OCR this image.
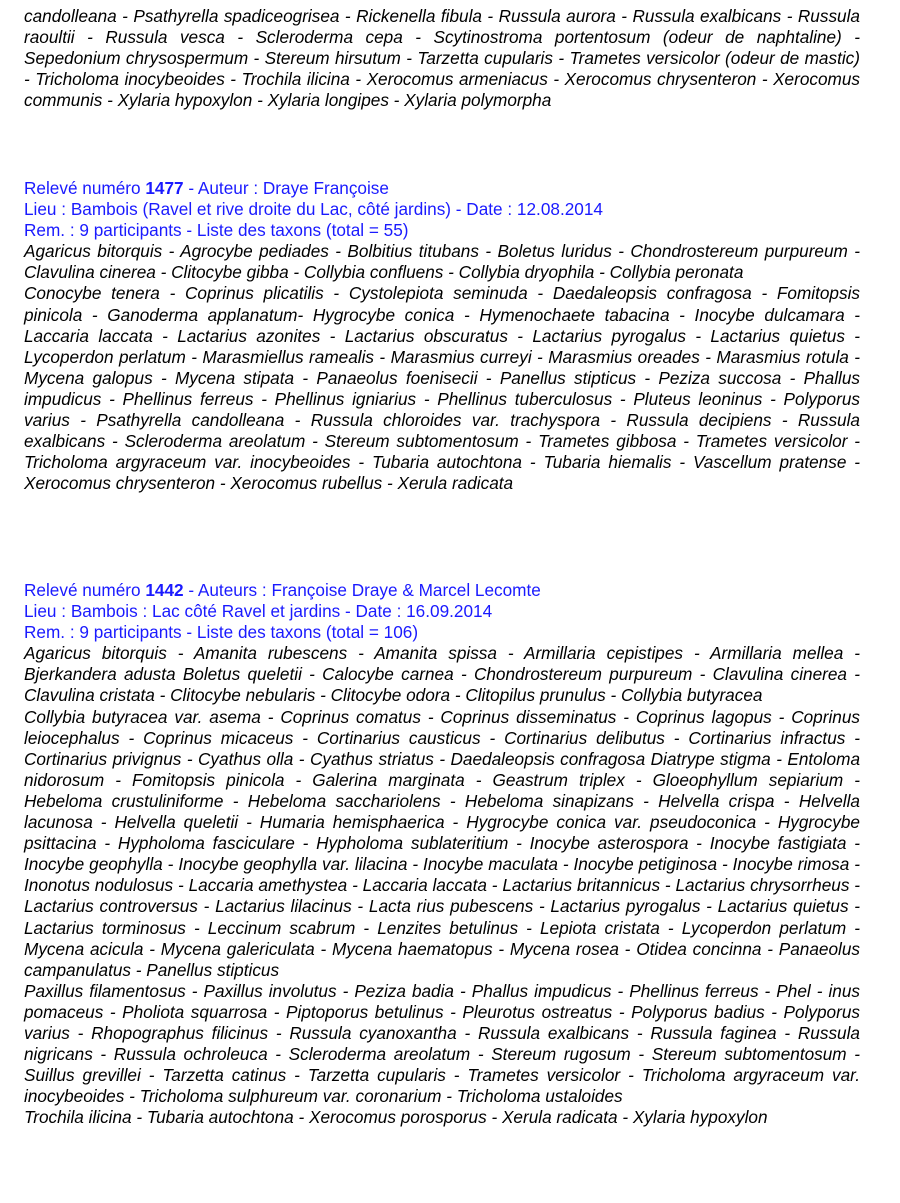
candolleana - Psathyrella spadiceogrisea - Rickenella fibula - Russula aurora - Russula exalbicans - Russula raoultii - Russula vesca - Scleroderma cepa - Scytinostroma portentosum (odeur de naphtaline) - Sepedonium chrysospermum - Stereum hirsutum - Tarzetta cupularis - Trametes versicolor (odeur de mastic) - Tricholoma inocybeoides - Trochila ilicina - Xerocomus armeniacus - Xerocomus chrysenteron - Xerocomus communis - Xylaria hypoxylon - Xylaria longipes - Xylaria polymorpha

Relevé numéro 1477 - Auteur : Draye Françoise

Lieu : Bambois (Ravel et rive droite du Lac, côté jardins) - Date : 12.08.2014

Rem. : 9 participants - Liste des taxons (total = 55)

Agaricus bitorquis - Agrocybe pediades - Bolbitius titubans - Boletus luridus - Chondrostereum purpureum - Clavulina cinerea - Clitocybe gibba - Collybia confluens - Collybia dryophila - Collybia peronata

Conocybe tenera - Coprinus plicatilis - Cystolepiota seminuda - Daedaleopsis confragosa - Fomitopsis pinicola - Ganoderma applanatum- Hygrocybe conica - Hymenochaete tabacina - Inocybe dulcamara - Laccaria laccata - Lactarius azonites - Lactarius obscuratus - Lactarius pyrogalus - Lactarius quietus - Lycoperdon perlatum - Marasmiellus ramealis - Marasmius curreyi - Marasmius oreades - Marasmius rotula - Mycena galopus - Mycena stipata - Panaeolus foenisecii - Panellus stipticus - Peziza succosa - Phallus impudicus - Phellinus ferreus - Phellinus igniarius - Phellinus tuberculosus - Pluteus leoninus - Polyporus varius - Psathyrella candolleana - Russula chloroides var. trachyspora - Russula decipiens - Russula exalbicans - Scleroderma areolatum - Stereum subtomentosum - Trametes gibbosa - Trametes versicolor - Tricholoma argyraceum var. inocybeoides - Tubaria autochtona - Tubaria hiemalis - Vascellum pratense - Xerocomus chrysenteron - Xerocomus rubellus - Xerula radicata

Relevé numéro 1442 - Auteurs : Françoise Draye & Marcel Lecomte

Lieu : Bambois : Lac côté Ravel et jardins - Date : 16.09.2014

Rem. : 9 participants - Liste des taxons (total = 106)

Agaricus bitorquis - Amanita rubescens - Amanita spissa - Armillaria cepistipes - Armillaria mellea - Bjerkandera adusta Boletus queletii - Calocybe carnea - Chondrostereum purpureum - Clavulina cinerea - Clavulina cristata - Clitocybe nebularis - Clitocybe odora - Clitopilus prunulus - Collybia butyracea

Collybia butyracea var. asema - Coprinus comatus - Coprinus disseminatus - Coprinus lagopus - Coprinus leiocephalus - Coprinus micaceus - Cortinarius causticus - Cortinarius delibutus - Cortinarius infractus - Cortinarius privignus - Cyathus olla - Cyathus striatus - Daedaleopsis confragosa Diatrype stigma - Entoloma nidorosum - Fomitopsis pinicola - Galerina marginata - Geastrum triplex - Gloeophyllum sepiarium - Hebeloma crustuliniforme - Hebeloma sacchariolens - Hebeloma sinapizans - Helvella crispa - Helvella lacunosa - Helvella queletii - Humaria hemisphaerica - Hygrocybe conica var. pseudoconica - Hygrocybe psittacina - Hypholoma fasciculare - Hypholoma sublateritium - Inocybe asterospora - Inocybe fastigiata - Inocybe geophylla - Inocybe geophylla var. lilacina - Inocybe maculata - Inocybe petiginosa - Inocybe rimosa - Inonotus nodulosus - Laccaria amethystea - Laccaria laccata - Lactarius britannicus - Lactarius chrysorrheus - Lactarius controversus - Lactarius lilacinus - Lacta rius pubescens - Lactarius pyrogalus - Lactarius quietus - Lactarius torminosus - Leccinum scabrum - Lenzites betulinus - Lepiota cristata - Lycoperdon perlatum - Mycena acicula - Mycena galericulata - Mycena haematopus - Mycena rosea - Otidea concinna - Panaeolus campanulatus - Panellus stipticus

Paxillus filamentosus - Paxillus involutus - Peziza badia - Phallus impudicus - Phellinus ferreus - Phel - inus pomaceus - Pholiota squarrosa - Piptoporus betulinus - Pleurotus ostreatus - Polyporus badius - Polyporus varius - Rhopographus filicinus - Russula cyanoxantha - Russula exalbicans - Russula faginea - Russula nigricans - Russula ochroleuca - Scleroderma areolatum - Stereum rugosum - Stereum subtomentosum - Suillus grevillei - Tarzetta catinus - Tarzetta cupularis - Trametes versicolor - Tricholoma argyraceum var. inocybeoides - Tricholoma sulphureum var. coronarium - Tricholoma ustaloides

Trochila ilicina - Tubaria autochtona - Xerocomus porosporus - Xerula radicata - Xylaria hypoxylon
